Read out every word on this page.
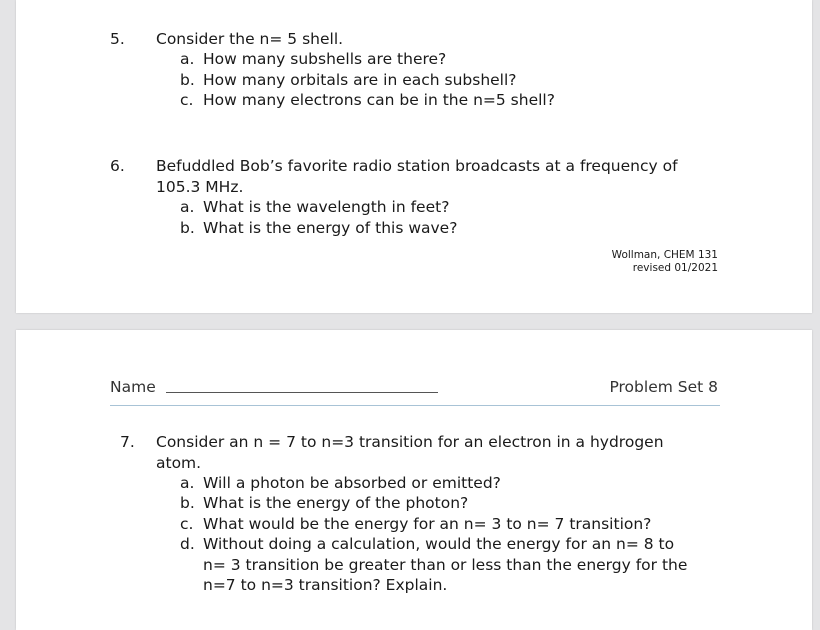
5. Consider the n= 5 shell.
a. How many subshells are there?
b. How many orbitals are in each subshell?
c. How many electrons can be in the n=5 shell?
6. Befuddled Bob’s favorite radio station broadcasts at a frequency of
105.3 MHz.
a. What is the wavelength in feet?
b. What is the energy of this wave?
Wollman, CHEM 131
revised 01/2021
Name	Problem Set 8
7. Consider an n = 7 to n=3 transition for an electron in a hydrogen
atom.
a. Will a photon be absorbed or emitted?
b. What is the energy of the photon?
c. What would be the energy for an n= 3 to n= 7 transition?
d. Without doing a calculation, would the energy for an n= 8 to
n= 3 transition be greater than or less than the energy for the
n=7 to n=3 transition? Explain.
